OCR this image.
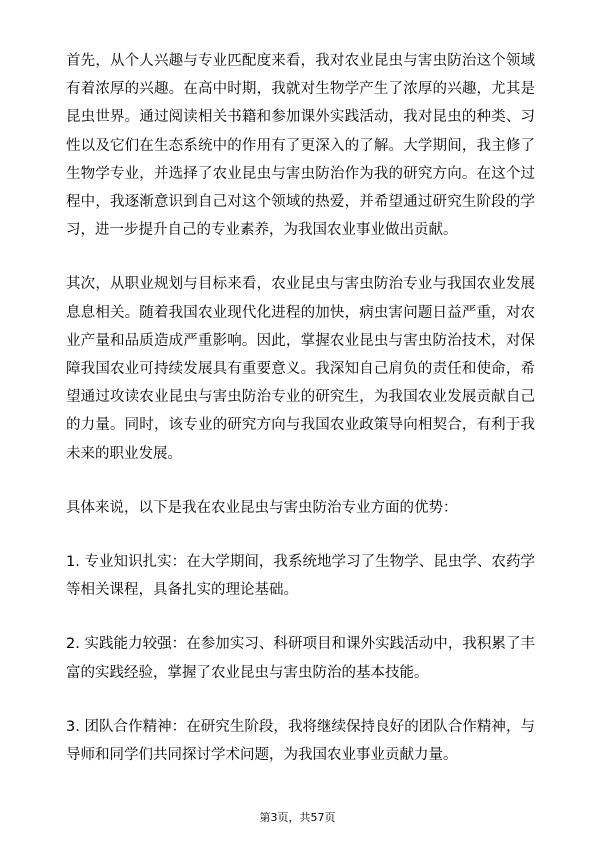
首先，从个人兴趣与专业匹配度来看，我对农业昆虫与害虫防治这个领域有着浓厚的兴趣。在高中时期，我就对生物学产生了浓厚的兴趣，尤其是昆虫世界。通过阅读相关书籍和参加课外实践活动，我对昆虫的种类、习性以及它们在生态系统中的作用有了更深入的了解。大学期间，我主修了生物学专业，并选择了农业昆虫与害虫防治作为我的研究方向。在这个过程中，我逐渐意识到自己对这个领域的热爱，并希望通过研究生阶段的学习，进一步提升自己的专业素养，为我国农业事业做出贡献。

其次，从职业规划与目标来看，农业昆虫与害虫防治专业与我国农业发展息息相关。随着我国农业现代化进程的加快，病虫害问题日益严重，对农业产量和品质造成严重影响。因此，掌握农业昆虫与害虫防治技术，对保障我国农业可持续发展具有重要意义。我深知自己肩负的责任和使命，希望通过攻读农业昆虫与害虫防治专业的研究生，为我国农业发展贡献自己的力量。同时，该专业的研究方向与我国农业政策导向相契合，有利于我未来的职业发展。

具体来说，以下是我在农业昆虫与害虫防治专业方面的优势：

1. 专业知识扎实：在大学期间，我系统地学习了生物学、昆虫学、农药学等相关课程，具备扎实的理论基础。

2. 实践能力较强：在参加实习、科研项目和课外实践活动中，我积累了丰富的实践经验，掌握了农业昆虫与害虫防治的基本技能。

3. 团队合作精神：在研究生阶段，我将继续保持良好的团队合作精神，与导师和同学们共同探讨学术问题，为我国农业事业贡献力量。

第3页，共57页
